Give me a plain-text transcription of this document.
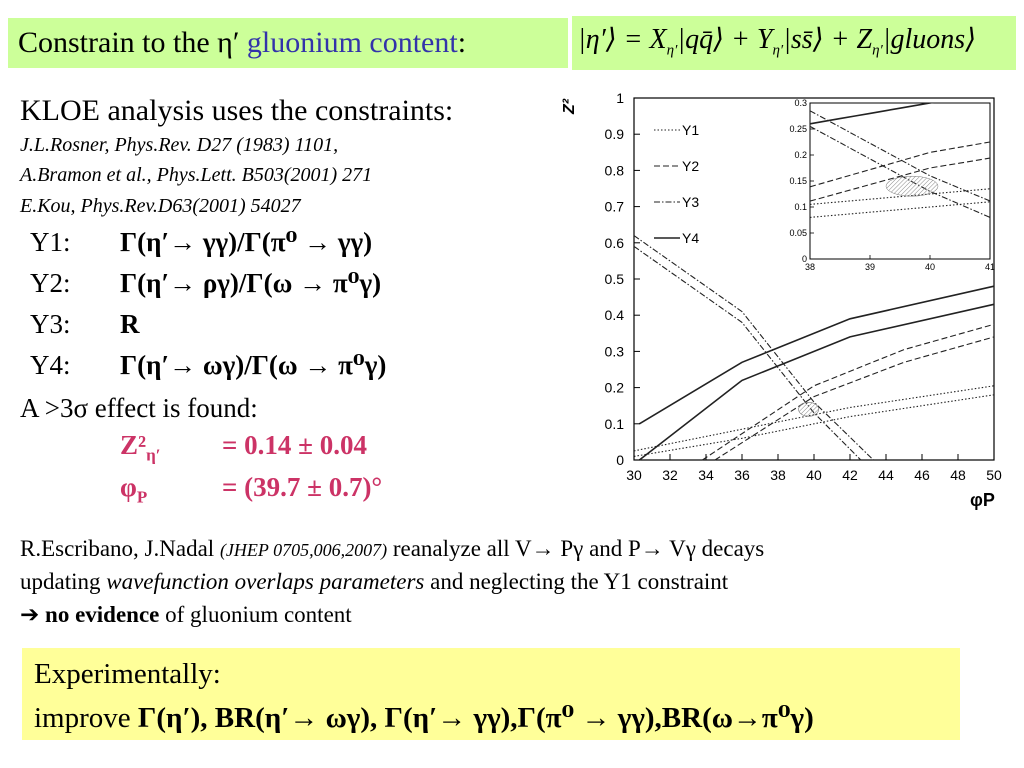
Constrain to the η′ gluonium content:	|η′⟩ = $X_{\eta'}|qq̄⟩$ + $Y_{\eta'}|ss̄⟩$ + $Z_{\eta'}|gluons⟩$
KLOE analysis uses the constraints:
J.L.Rosner, Phys.Rev. D27 (1983) 1101,
A.Bramon et al., Phys.Lett. B503(2001) 271
E.Kou, Phys.Rev.D63(2001) 54027
Y1: Γ(η′→ γγ)/Γ(π⁰ → γγ)
Y2: Γ(η′→ ργ)/Γ(ω → π⁰γ)
Y3: R
Y4: Γ(η′→ ωγ)/Γ(ω → π⁰γ)
A >3σ effect is found:
$Z^2_{\eta'} = 0.14 \pm 0.04$
$\varphi_P$	= (39.7 ± 0.7)°
R.Escribano, J.Nadal (JHEP 0705,006,2007) reanalyze all V→ Pγ and P→ Vγ decays
updating wavefunction overlaps parameters and neglecting the Y1 constraint
➔ no evidence of gluonium content
Experimentally:
improve Γ(η′), BR(η′→ ωγ), Γ(η′→ γγ),Γ(π⁰ → γγ),BR(ω→π⁰γ)
30 32 34 36 38 40 42 44 46 48 50
0
0.1
0.2
0.3
0.4
0.5
0.6
0.7
0.8
0.9
1
Z²
φP
Y1
Y2
Y3
Y4
38	39	40	41
0
0.05
0.1
0.15
0.2
0.25
0.3
